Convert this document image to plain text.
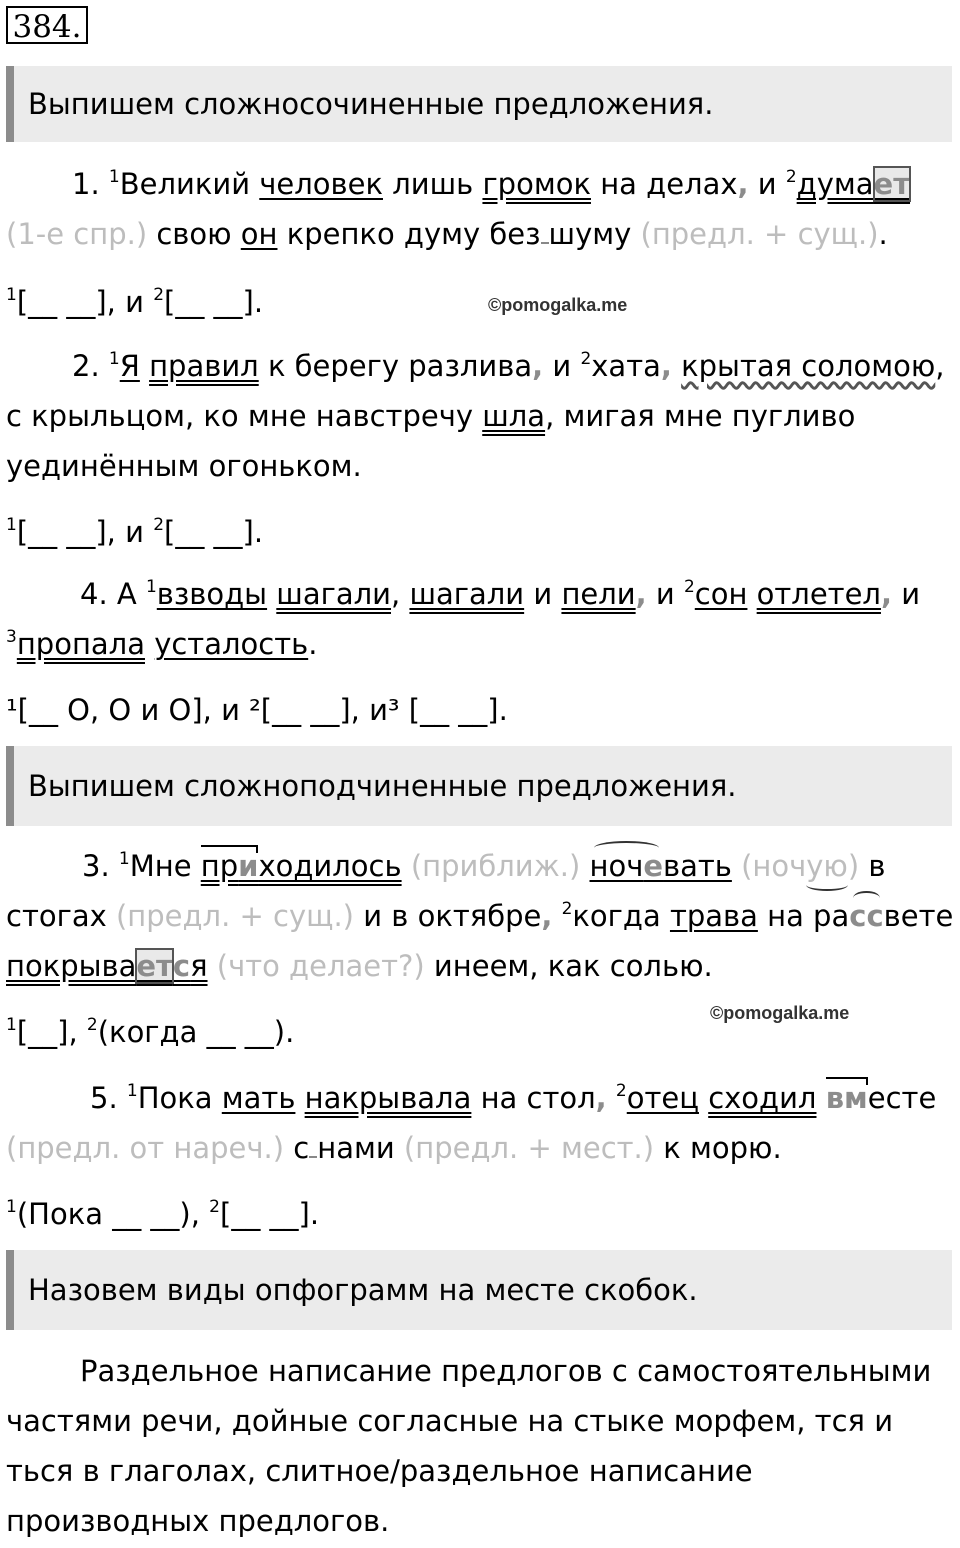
384.
Выпишем сложносочиненные предложения.
1. $^1$Великий человек лишь громок на делах, и $^2$думает
(1-е спр.) свою он крепко думу без шуму (предл. + сущ.).
$^1$[__ __], и $^2$[__ __].	©pomogalka.me
2. $^1$Я правил к берегу разлива, и $^2$хата, крытая соломою,
с крыльцом, ко мне навстречу шла, мигая мне пугливо
уединённым огоньком.
$^1$[__ __], и $^2$[__ __].
4. А $^1$взводы шагали, шагали и пели, и $^2$сон отлетел, и
$^3$пропала усталость.
¹[__ O, O и O], и ²[__ __], и³ [__ __].
Выпишем сложноподчиненные предложения.
3. $^1$Мне приходилось (приближ.) ночевать (ночую) в
стогах (предл. + сущ.) и в октябре, $^2$когда трава на рассвете
покрывается (что делает?) инеем, как солью.
©pomogalka.me
$^1$[__], $^2$(когда __ __).
5. $^1$Пока мать накрывала на стол, $^2$отец сходил вместе
(предл. от нареч.) с нами (предл. + мест.) к морю.
$^1$(Пока __ __), $^2$[__ __].
Назовем виды опфограмм на месте скобок.
Раздельное написание предлогов с самостоятельными частями речи, дойные согласные на стыке морфем, тся и ться в глаголах, слитное/раздельное написание производных предлогов.
